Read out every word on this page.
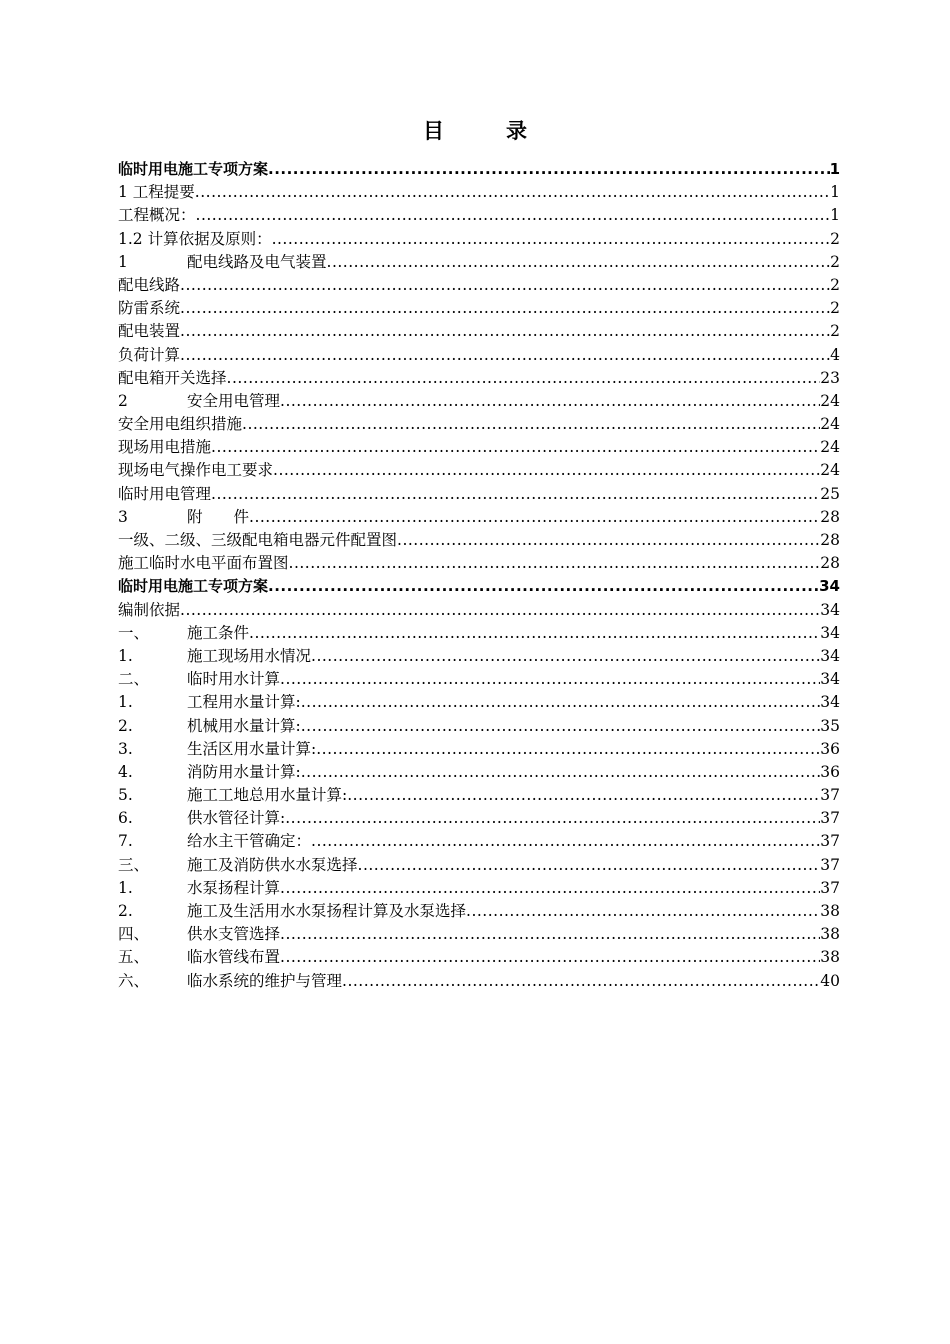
目	录
临时用电施工专项方案 .....	1
1 工程提要 .....	1
工程概况： .....	1
1.2 计算依据及原则： .....	2
1	配电线路及电气装置 .....	2
配电线路 .....	2
防雷系统 .....	2
配电装置 .....	2
负荷计算 .....	4
配电箱开关选择 .....	23
2	安全用电管理 .....	24
安全用电组织措施 .....	24
现场用电措施 .....	24
现场电气操作电工要求 .....	24
临时用电管理 .....	25
3	附　　件 .....	28
一级、二级、三级配电箱电器元件配置图 .....	28
施工临时水电平面布置图 .....	28
临时用电施工专项方案 .....	34
编制依据 .....	34
一、	施工条件 .....	34
1.	施工现场用水情况 .....	34
二、	临时用水计算 .....	34
1.	工程用水量计算: .....	34
2.	机械用水量计算: .....	35
3.	生活区用水量计算: .....	36
4.	消防用水量计算: .....	36
5.	施工工地总用水量计算: .....	37
6.	供水管径计算: .....	37
7.	给水主干管确定： .....	37
三、	施工及消防供水水泵选择 .....	37
1.	水泵扬程计算 .....	37
2.	施工及生活用水水泵扬程计算及水泵选择 .....	38
四、	供水支管选择 .....	38
五、	临水管线布置 .....	38
六、	临水系统的维护与管理 .....	40
